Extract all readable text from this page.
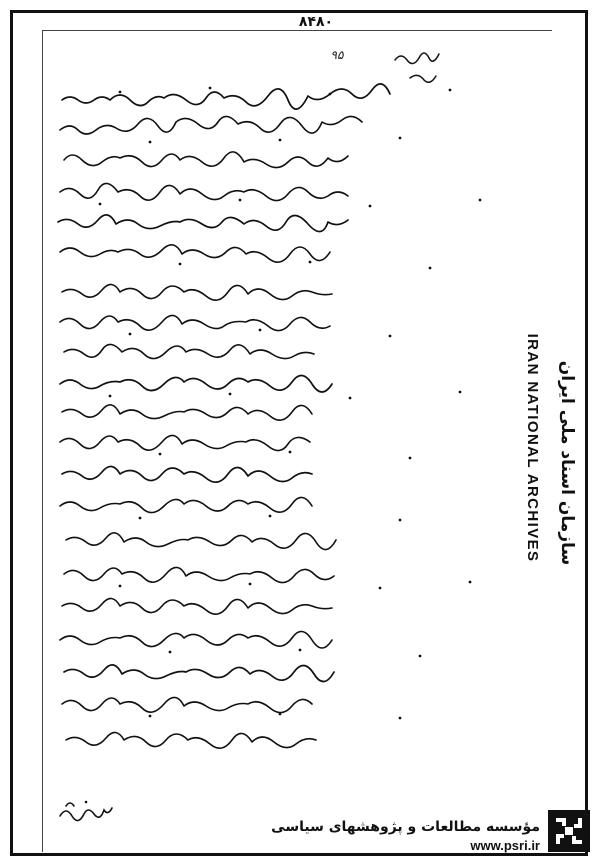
۸۴۸۰
۹۵
IRAN NATIONAL ARCHIVES سازمان اسناد ملی ایران
مؤسسه مطالعات و پژوهشهای سیاسی
www.psri.ir
